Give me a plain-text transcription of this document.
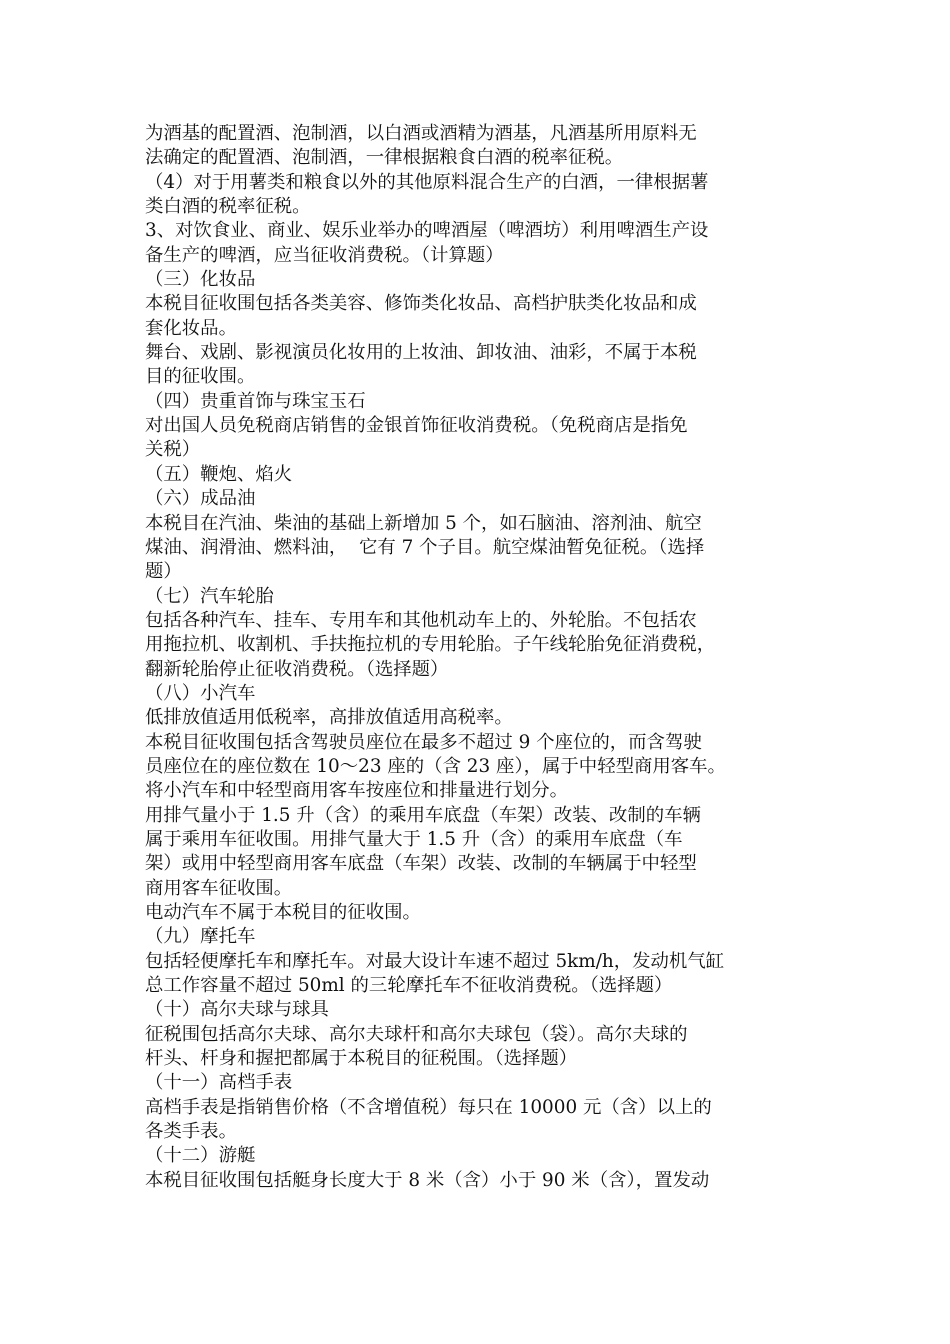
为酒基的配置酒、泡制酒，以白酒或酒精为酒基，凡酒基所用原料无
法确定的配置酒、泡制酒，一律根据粮食白酒的税率征税。
（4）对于用薯类和粮食以外的其他原料混合生产的白酒，一律根据薯
类白酒的税率征税。
3、对饮食业、商业、娱乐业举办的啤酒屋（啤酒坊）利用啤酒生产设
备生产的啤酒，应当征收消费税。（计算题）
（三）化妆品
本税目征收围包括各类美容、修饰类化妆品、高档护肤类化妆品和成
套化妆品。
舞台、戏剧、影视演员化妆用的上妆油、卸妆油、油彩，不属于本税
目的征收围。
（四）贵重首饰与珠宝玉石
对出国人员免税商店销售的金银首饰征收消费税。（免税商店是指免
关税）
（五）鞭炮、焰火
（六）成品油
本税目在汽油、柴油的基础上新增加 5 个，如石脑油、溶剂油、航空
煤油、润滑油、燃料油，  它有 7 个子目。航空煤油暂免征税。（选择
题）
（七）汽车轮胎
包括各种汽车、挂车、专用车和其他机动车上的、外轮胎。不包括农
用拖拉机、收割机、手扶拖拉机的专用轮胎。子午线轮胎免征消费税，
翻新轮胎停止征收消费税。（选择题）
（八）小汽车
低排放值适用低税率，高排放值适用高税率。
本税目征收围包括含驾驶员座位在最多不超过 9 个座位的，而含驾驶
员座位在的座位数在 10～23 座的（含 23 座），属于中轻型商用客车。
将小汽车和中轻型商用客车按座位和排量进行划分。
用排气量小于 1.5 升（含）的乘用车底盘（车架）改装、改制的车辆
属于乘用车征收围。用排气量大于 1.5 升（含）的乘用车底盘（车
架）或用中轻型商用客车底盘（车架）改装、改制的车辆属于中轻型
商用客车征收围。
电动汽车不属于本税目的征收围。
（九）摩托车
包括轻便摩托车和摩托车。对最大设计车速不超过 5km/h，发动机气缸
总工作容量不超过 50ml 的三轮摩托车不征收消费税。（选择题）
（十）高尔夫球与球具
征税围包括高尔夫球、高尔夫球杆和高尔夫球包（袋）。高尔夫球的
杆头、杆身和握把都属于本税目的征税围。（选择题）
（十一）高档手表
高档手表是指销售价格（不含增值税）每只在 10000 元（含）以上的
各类手表。
（十二）游艇
本税目征收围包括艇身长度大于 8 米（含）小于 90 米（含），置发动
